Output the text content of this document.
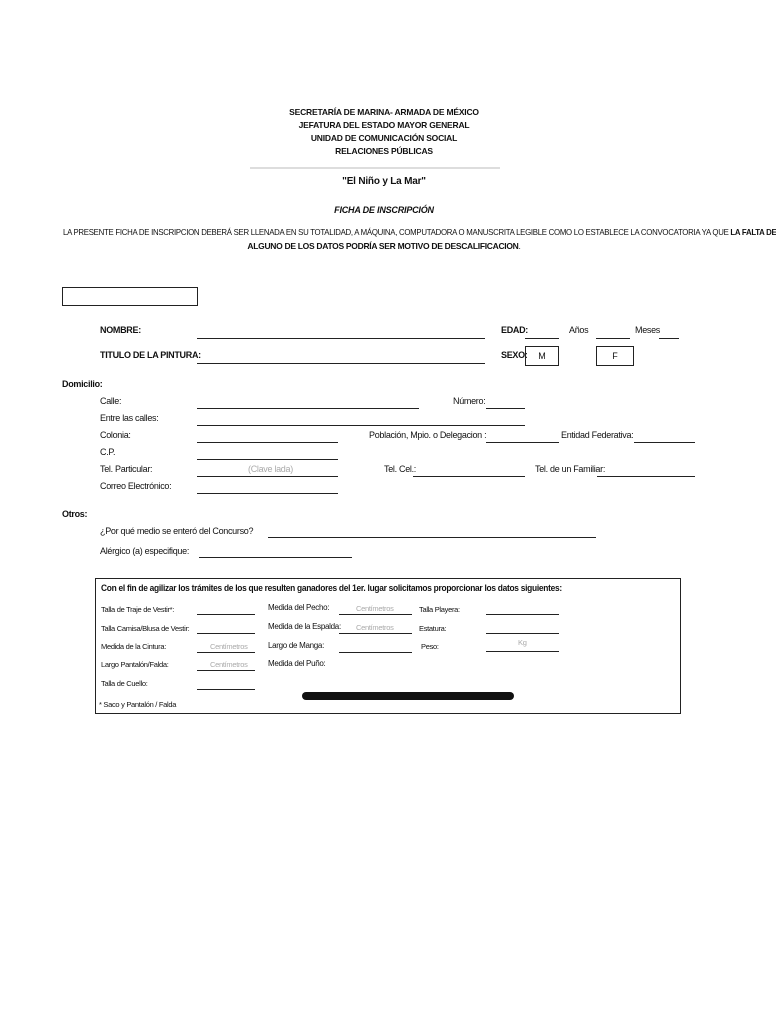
SECRETARÍA DE MARINA- ARMADA DE MÉXICO
JEFATURA DEL ESTADO MAYOR GENERAL
UNIDAD DE COMUNICACIÓN SOCIAL
RELACIONES PÚBLICAS
"El Niño y La Mar"
FICHA DE INSCRIPCIÓN
LA PRESENTE FICHA DE INSCRIPCION DEBERÁ SER LLENADA EN SU TOTALIDAD, A MÁQUINA, COMPUTADORA O MANUSCRITA LEGIBLE COMO LO ESTABLECE LA CONVOCATORIA YA QUE LA FALTA DE
ALGUNO DE LOS DATOS PODRÍA SER MOTIVO DE DESCALIFICACION.
NOMBRE:	EDAD:	Años	Meses
TITULO DE LA PINTURA:	SEXO:	M	F
Domicilio:
Calle:	Número:
Entre las calles:
Colonia:	Población, Mpio. o Delegacion :	Entidad Federativa:
C.P.
Tel. Particular:	(Clave lada)	Tel. Cel.:	Tel. de un Familiar:
Correo Electrónico:
Otros:
¿Por qué medio se enteró del Concurso?
Alérgico (a) especifique:
Con el fin de agilizar los trámites de los que resulten ganadores del 1er. lugar solicitamos proporcionar los datos siguientes:
Talla de Traje de Vestir*:	Medida del Pecho:	Centímetros	Talla Playera:
Talla Camisa/Blusa de Vestir:	Medida de la Espalda: Centímetros	Estatura:
Medida de la Cintura:	Centímetros	Largo de Manga:	Peso:	Kg
Largo Pantalón/Falda:	Centímetros	Medida del Puño:
Talla de Cuello:
* Saco y Pantalón / Falda
